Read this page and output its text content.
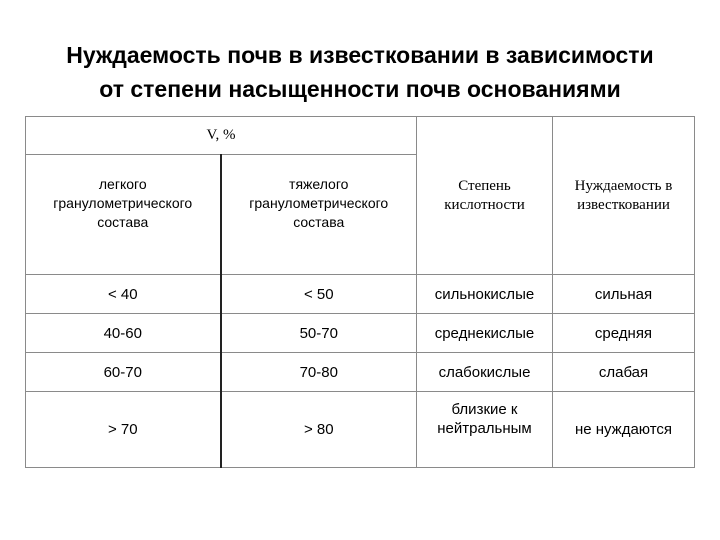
Нуждаемость почв в известковании в зависимости
от степени насыщенности почв основаниями
V, %		Степень кислотности	Нуждаемость в известковании
легкого гранулометрического состава	тяжелого гранулометрического состава		
< 40	< 50	сильнокислые	сильная
40-60	50-70	среднекислые	средняя
60-70	70-80	слабокислые	слабая
> 70	> 80	близкие к нейтральным	не нуждаются
